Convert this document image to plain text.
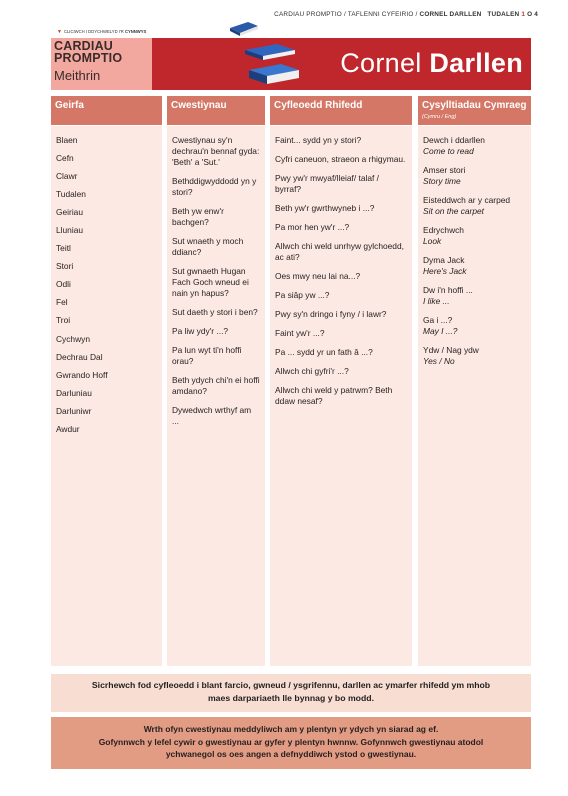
CARDIAU PROMPTIO / TAFLENNI CYFEIRIO / CORNEL DARLLEN TUDALEN 1 O 4
▼ CLICIWCH I DDYCHWELYD I'R CYNNWYS
CARDIAU
PROMPTIO
Meithrin	Cornel Darllen
Geirfa	Cwestiynau	Cyfleoedd Rhifedd	Cysylltiadau Cymraeg
(Cymru / Eng)
Blaen
Cefn
Clawr
Tudalen
Geiriau
Lluniau
Teitl
Stori
Odli
Fel
Troi
Cychwyn
Dechrau Dal
Gwrando Hoff
Darluniau
Darluniwr
Awdur
Cwestiynau sy'n dechrau'n bennaf gyda: 'Beth' a 'Sut.'
Bethddigwyddodd yn y stori?
Beth yw enw'r bachgen?
Sut wnaeth y moch ddianc?
Sut gwnaeth Hugan Fach Goch wneud ei nain yn hapus?
Sut daeth y stori i ben?
Pa liw ydy'r ...?
Pa lun wyt ti'n hoffi orau?
Beth ydych chi'n ei hoffi amdano?
Dywedwch wrthyf am ...
Faint... sydd yn y stori?
Cyfri caneuon, straeon a rhigymau.
Pwy yw'r mwyaf/lleiaf/ talaf / byrraf?
Beth yw'r gwrthwyneb i ...?
Pa mor hen yw'r ...?
Allwch chi weld unrhyw gylchoedd, ac ati?
Oes mwy neu lai na...?
Pa siâp yw ...?
Pwy sy'n dringo i fyny / i lawr?
Faint yw'r ...?
Pa ... sydd yr un fath â ...?
Allwch chi gyfri'r ...?
Allwch chi weld y patrwm? Beth ddaw nesaf?
Dewch i ddarllen
Come to read
Amser stori
Story time
Eisteddwch ar y carped
Sit on the carpet
Edrychwch
Look
Dyma Jack
Here's Jack
Dw i'n hoffi ...
I like ...
Ga i ...?
May I ...?
Ydw / Nag ydw
Yes / No
Sicrhewch fod cyfleoedd i blant farcio, gwneud / ysgrifennu, darllen ac ymarfer rhifedd ym mhob
maes darpariaeth lle bynnag y bo modd.
Wrth ofyn cwestiynau meddyliwch am y plentyn yr ydych yn siarad ag ef.
Gofynnwch y lefel cywir o gwestiynau ar gyfer y plentyn hwnnw. Gofynnwch gwestiynau atodol
ychwanegol os oes angen a defnyddiwch ystod o gwestiynau.
